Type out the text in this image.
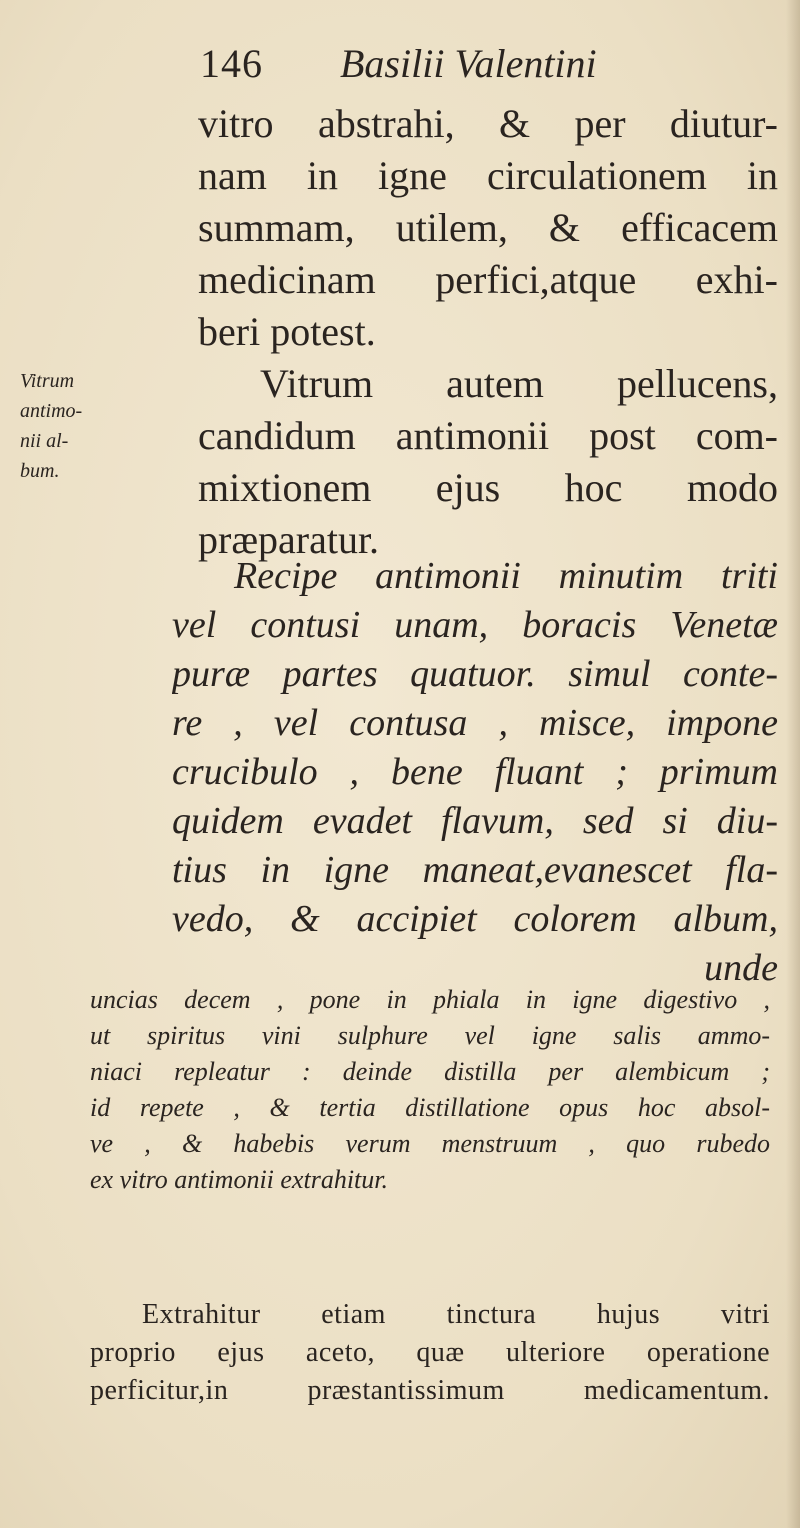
146 Basilii Valentini
vitro abstrahi, & per diutur-
nam in igne circulationem in
summam, utilem, & efficacem
medicinam perfici,atque exhi-
beri potest.
Vitrum autem pellucens,
candidum antimonii post com-
mixtionem ejus hoc modo
præparatur.
Vitrum
antimo-
nii al-
bum.
Recipe antimonii minutim triti
vel contusi unam, boracis Venetæ
puræ partes quatuor. simul conte-
re , vel contusa , misce, impone
crucibulo , bene fluant ; primum
quidem evadet flavum, sed si diu-
tius in igne maneat,evanescet fla-
vedo, & accipiet colorem album,
unde
uncias decem , pone in phiala in igne digestivo ,
ut spiritus vini sulphure vel igne salis ammo-
niaci repleatur : deinde distilla per alembicum ;
id repete , & tertia distillatione opus hoc absol-
ve , & habebis verum menstruum , quo rubedo
ex vitro antimonii extrahitur.
Extrahitur etiam tinctura hujus vitri
proprio ejus aceto, quæ ulteriore operatione
perficitur,in præstantissimum medicamentum.
